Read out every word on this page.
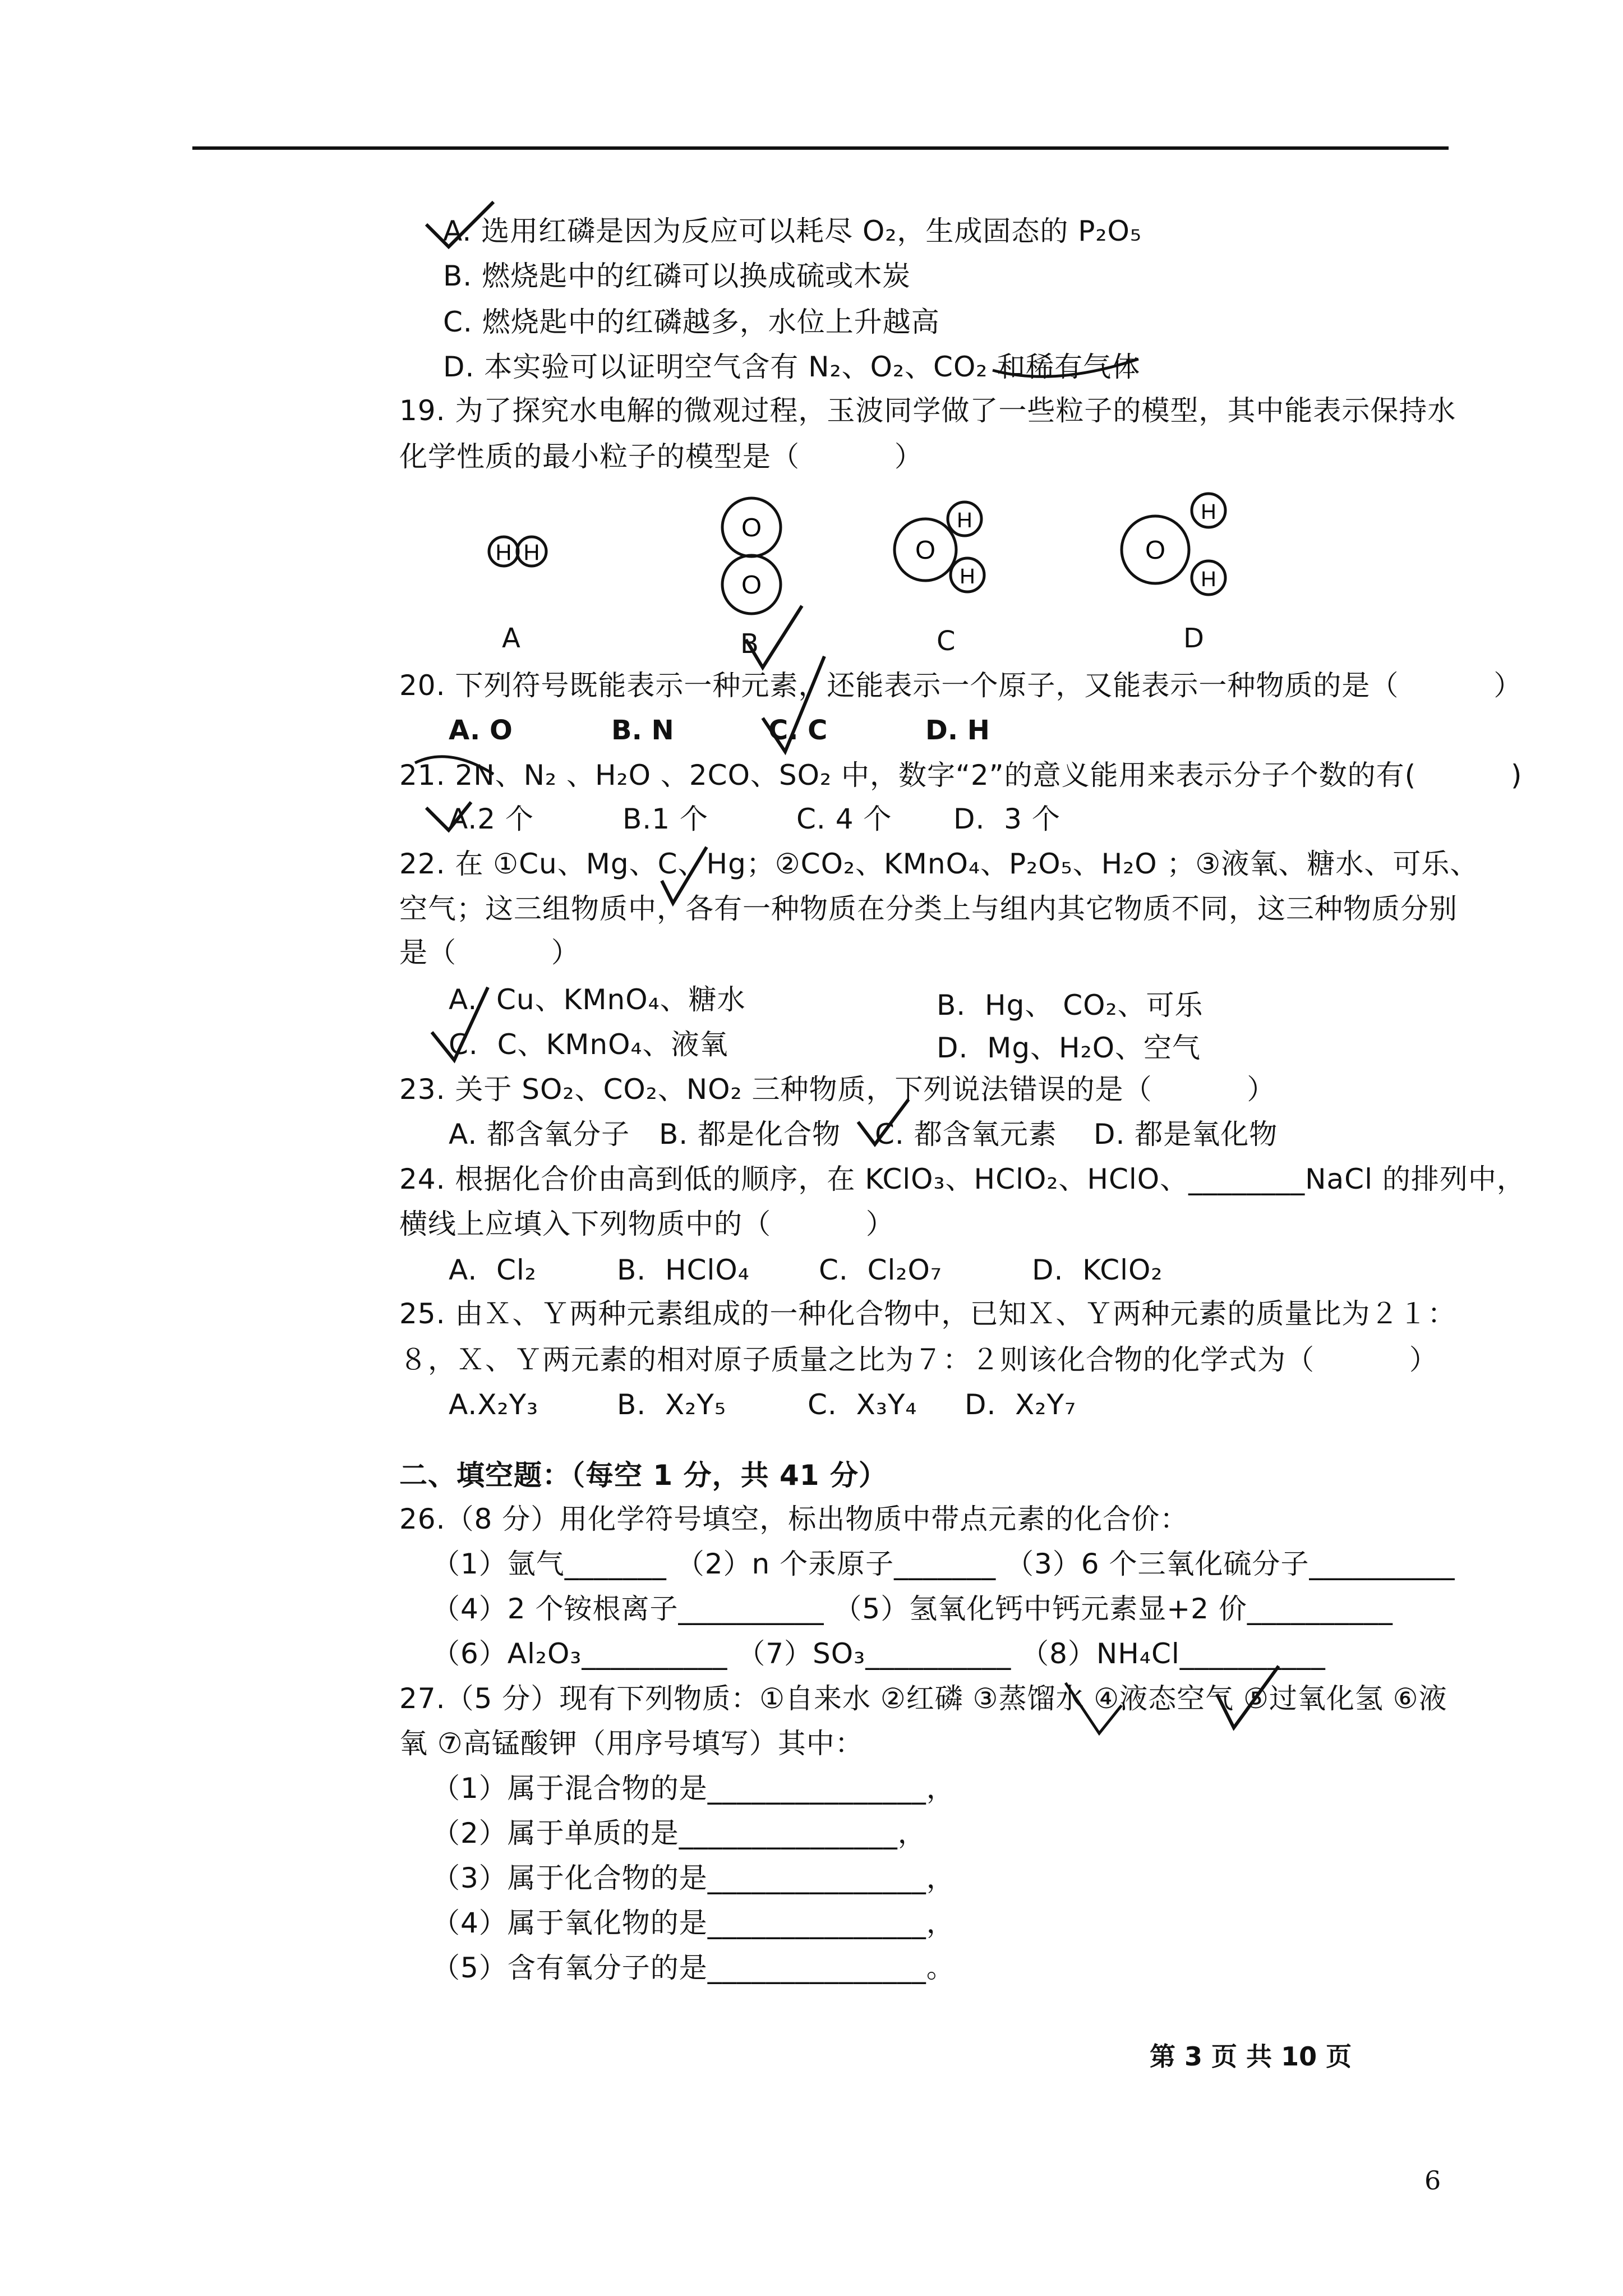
A. 选用红磷是因为反应可以耗尽 O₂，生成固态的 P₂O₅
B. 燃烧匙中的红磷可以换成硫或木炭
C. 燃烧匙中的红磷越多，水位上升越高
D. 本实验可以证明空气含有 N₂、O₂、CO₂ 和稀有气体
19. 为了探究水电解的微观过程，玉波同学做了一些粒子的模型，其中能表示保持水
化学性质的最小粒子的模型是（          ）
H H
O
O
O
H
H
O
H
H
A	B	C	D
20. 下列符号既能表示一种元素，还能表示一个原子，又能表示一种物质的是（          ）
A. O	B. N	C. C	D. H
21. 2N、N₂ 、H₂O 、2CO、SO₂ 中，数字“2”的意义能用来表示分子个数的有(          )
A.2 个	B.1 个	C. 4 个 D.  3 个
22. 在 ①Cu、Mg、C、Hg；②CO₂、KMnO₄、P₂O₅、H₂O ；③液氧、糖水、可乐、
空气；这三组物质中，各有一种物质在分类上与组内其它物质不同，这三种物质分别
是（          ）
A.  Cu、KMnO₄、糖水	B.  Hg、 CO₂、可乐
C.  C、KMnO₄、液氧	D.  Mg、H₂O、空气
23. 关于 SO₂、CO₂、NO₂ 三种物质，下列说法错误的是（          ）
A. 都含氧分子 B. 都是化合物 C. 都含氧元素 D. 都是氧化物
24. 根据化合价由高到低的顺序，在 KClO₃、HClO₂、HClO、________NaCl 的排列中，
横线上应填入下列物质中的（          ）
A.  Cl₂	B.  HClO₄ C.  Cl₂O₇	D.  KClO₂
25. 由Ｘ、Ｙ两种元素组成的一种化合物中，已知Ｘ、Ｙ两种元素的质量比为２１：
８，Ｘ、Ｙ两元素的相对原子质量之比为７：２则该化合物的化学式为（          ）
A.X₂Y₃	B.  X₂Y₅	C.  X₃Y₄ D.  X₂Y₇
二、填空题：（每空 1 分，共 41 分）
26.（8 分）用化学符号填空，标出物质中带点元素的化合价：
（1）氩气_______ （2）n 个汞原子_______ （3）6 个三氧化硫分子__________
（4）2 个铵根离子__________ （5）氢氧化钙中钙元素显+2 价__________
（6）Al₂O₃__________ （7）SO₃__________ （8）NH₄Cl__________
27.（5 分）现有下列物质：①自来水 ②红磷 ③蒸馏水 ④液态空气 ⑤过氧化氢 ⑥液
氧 ⑦高锰酸钾（用序号填写）其中：
（1）属于混合物的是_______________，
（2）属于单质的是_______________，
（3）属于化合物的是_______________，
（4）属于氧化物的是_______________，
（5）含有氧分子的是_______________。
第 3 页 共 10 页
6
